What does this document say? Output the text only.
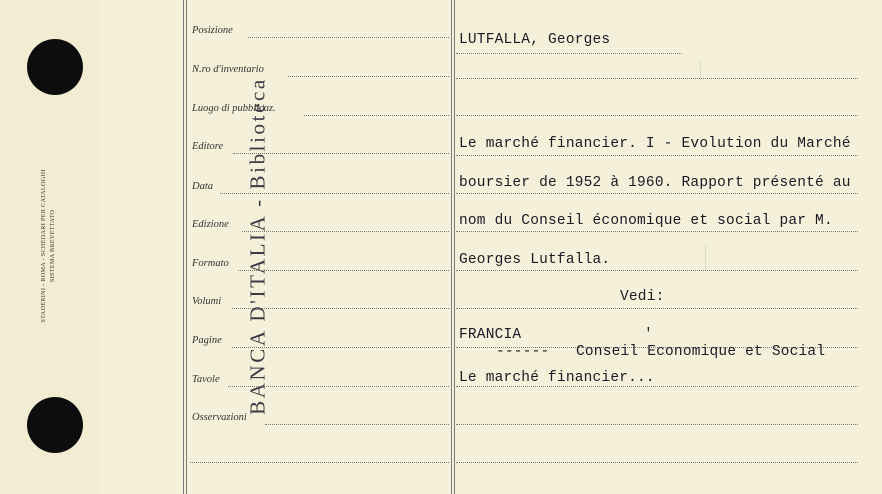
STADERINI - ROMA - SCHEDARI PER CATALOGHI SISTEMA BREVETTATO	BANCA D'ITALIA - Biblioteca
Posizione
N.ro d'inventario
Luogo di pubblicaz.
Editore
Data
Edizione
Formato
Volumi
Pagine
Tavole
Osservazioni
LUTFALLA, Georges
Le marché financier. I - Evolution du Marché
boursier de 1952 à 1960. Rapport présenté au
nom du Conseil économique et social par M.
Georges Lutfalla.
Vedi:
FRANCIA	'
------ Conseil Economique et Social
Le marché financier...
